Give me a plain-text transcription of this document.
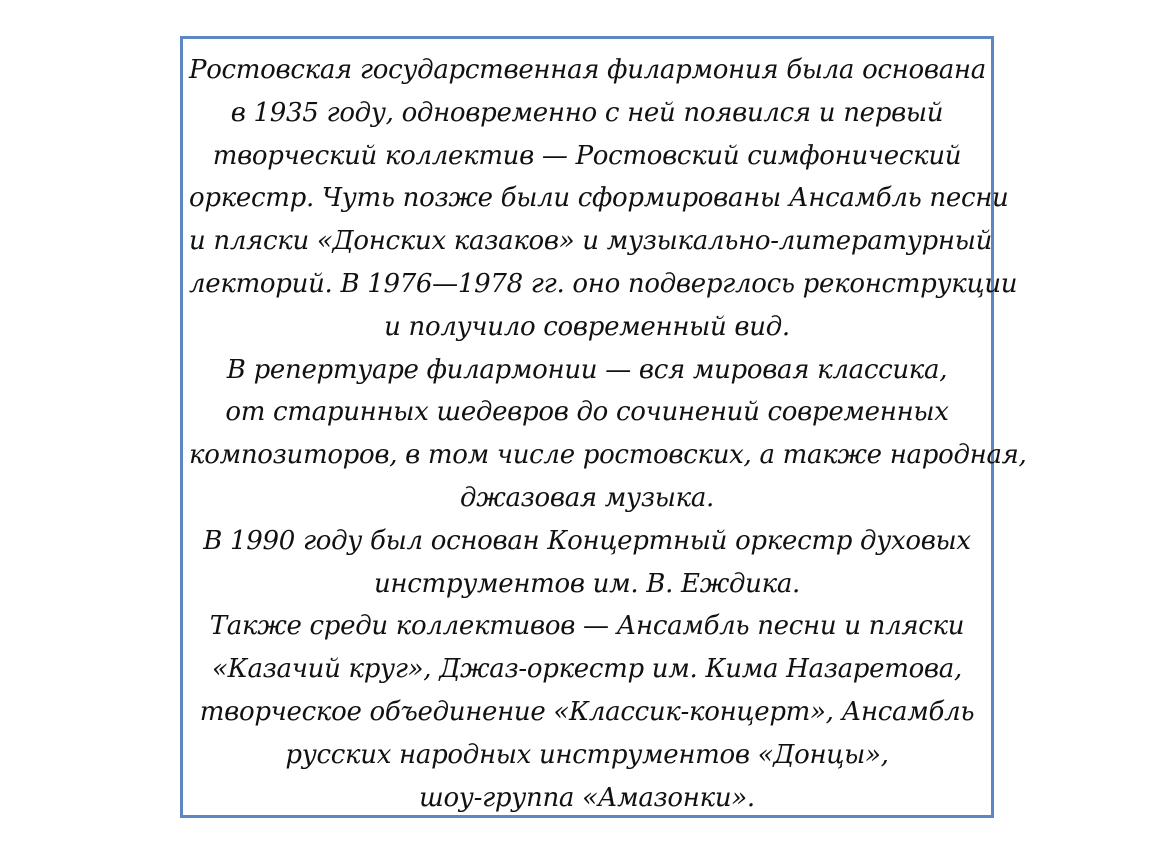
Ростовская государственная филармония была основана
в 1935 году, одновременно с ней появился и первый
творческий коллектив — Ростовский симфонический
оркестр. Чуть позже были сформированы Ансамбль песни
и пляски «Донских казаков» и музыкально-литературный
лекторий. В 1976—1978 гг. оно подверглось реконструкции
и получило современный вид.
В репертуаре филармонии — вся мировая классика,
от старинных шедевров до сочинений современных
композиторов, в том числе ростовских, а также народная,
джазовая музыка.
В 1990 году был основан Концертный оркестр духовых
инструментов им. В. Еждика.
Также среди коллективов — Ансамбль песни и пляски
«Казачий круг», Джаз-оркестр им. Кима Назаретова,
творческое объединение «Классик-концерт», Ансамбль
русских народных инструментов «Донцы»,
шоу-группа «Амазонки».
